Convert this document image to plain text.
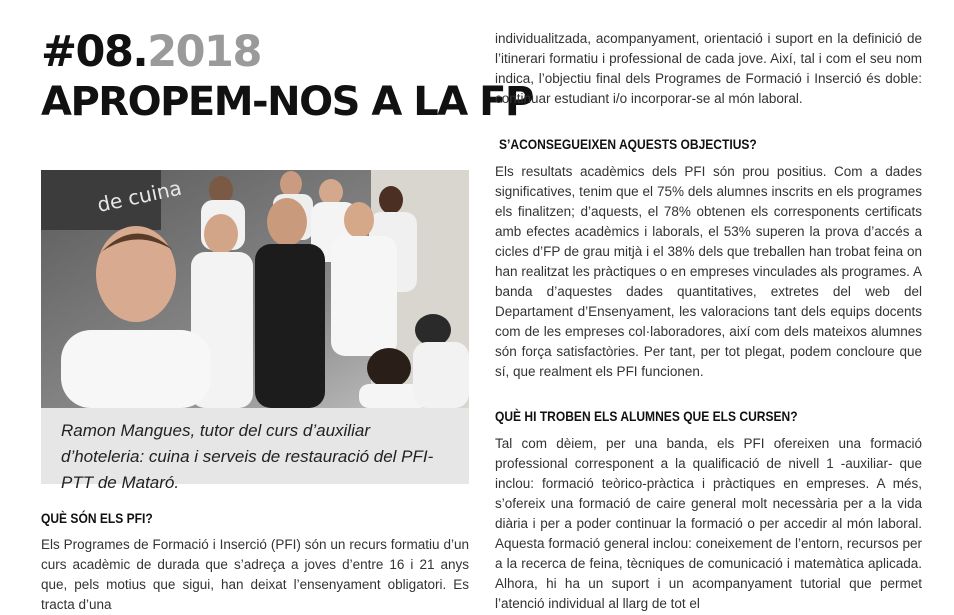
#08.2018
APROPEM-NOS A LA FP
de cuina
Ramon Mangues, tutor del curs d’auxiliar d’hoteleria: cuina i serveis de restauració del PFI-PTT de Mataró.
QUÈ SÓN ELS PFI?

Els Programes de Formació i Inserció (PFI) són un recurs formatiu d’un curs acadèmic de durada que s’adreça a joves d’entre 16 i 21 anys que, pels motius que sigui, han deixat l’ensenyament obligatori. Es tracta d’una

individualitzada, acompanyament, orientació i suport en la definició de l’itinerari formatiu i professional de cada jove. Així, tal i com el seu nom indica, l’objectiu final dels Programes de Formació i Inserció és doble: continuar estudiant i/o incorporar-se al món laboral.

S’ACONSEGUEIXEN AQUESTS OBJECTIUS?

Els resultats acadèmics dels PFI són prou positius. Com a dades significatives, tenim que el 75% dels alumnes inscrits en els programes els finalitzen; d’aquests, el 78% obtenen els corresponents certificats amb efectes acadèmics i laborals, el 53% superen la prova d’accés a cicles d’FP de grau mitjà i el 38% dels que treballen han trobat feina on han realitzat les pràctiques o en empreses vinculades als programes. A banda d’aquestes dades quantitatives, extretes del web del Departament d’Ensenyament, les valoracions tant dels equips docents com de les empreses col·laboradores, així com dels mateixos alumnes són força satisfactòries. Per tant, per tot plegat, podem concloure que sí, que realment els PFI funcionen.

QUÈ HI TROBEN ELS ALUMNES QUE ELS CURSEN?

Tal com dèiem, per una banda, els PFI ofereixen una formació professional corresponent a la qualificació de nivell 1 -auxiliar- que inclou: formació teòrico-pràctica i pràctiques en empreses. A més, s’ofereix una formació de caire general molt necessària per a la vida diària i per a poder continuar la formació o per accedir al món laboral. Aquesta formació general inclou: coneixement de l’entorn, recursos per a la recerca de feina, tècniques de comunicació i matemàtica aplicada. Alhora, hi ha un suport i un acompanyament tutorial que permet l’atenció individual al llarg de tot el
